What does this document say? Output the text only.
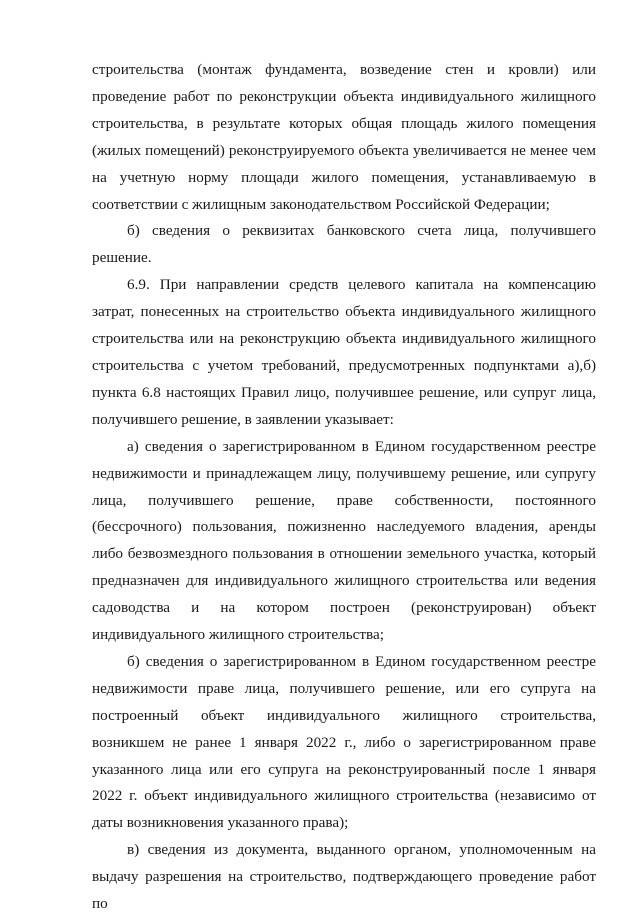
строительства (монтаж фундамента, возведение стен и кровли) или проведение работ по реконструкции объекта индивидуального жилищного строительства, в результате которых общая площадь жилого помещения (жилых помещений) реконструируемого объекта увеличивается не менее чем на учетную норму площади жилого помещения, устанавливаемую в соответствии с жилищным законодательством Российской Федерации;

б) сведения о реквизитах банковского счета лица, получившего решение.

6.9. При направлении средств целевого капитала на компенсацию затрат, понесенных на строительство объекта индивидуального жилищного строительства или на реконструкцию объекта индивидуального жилищного строительства с учетом требований, предусмотренных подпунктами а),б) пункта 6.8 настоящих Правил лицо, получившее решение, или супруг лица, получившего решение, в заявлении указывает:

а) сведения о зарегистрированном в Едином государственном реестре недвижимости и принадлежащем лицу, получившему решение, или супругу лица, получившего решение, праве собственности, постоянного (бессрочного) пользования, пожизненно наследуемого владения, аренды либо безвозмездного пользования в отношении земельного участка, который предназначен для индивидуального жилищного строительства или ведения садоводства и на котором построен (реконструирован) объект индивидуального жилищного строительства;

б) сведения о зарегистрированном в Едином государственном реестре недвижимости праве лица, получившего решение, или его супруга на построенный объект индивидуального жилищного строительства, возникшем не ранее 1 января 2022 г., либо о зарегистрированном праве указанного лица или его супруга на реконструированный после 1 января 2022 г. объект индивидуального жилищного строительства (независимо от даты возникновения указанного права);

в) сведения из документа, выданного органом, уполномоченным на выдачу разрешения на строительство, подтверждающего проведение работ по
